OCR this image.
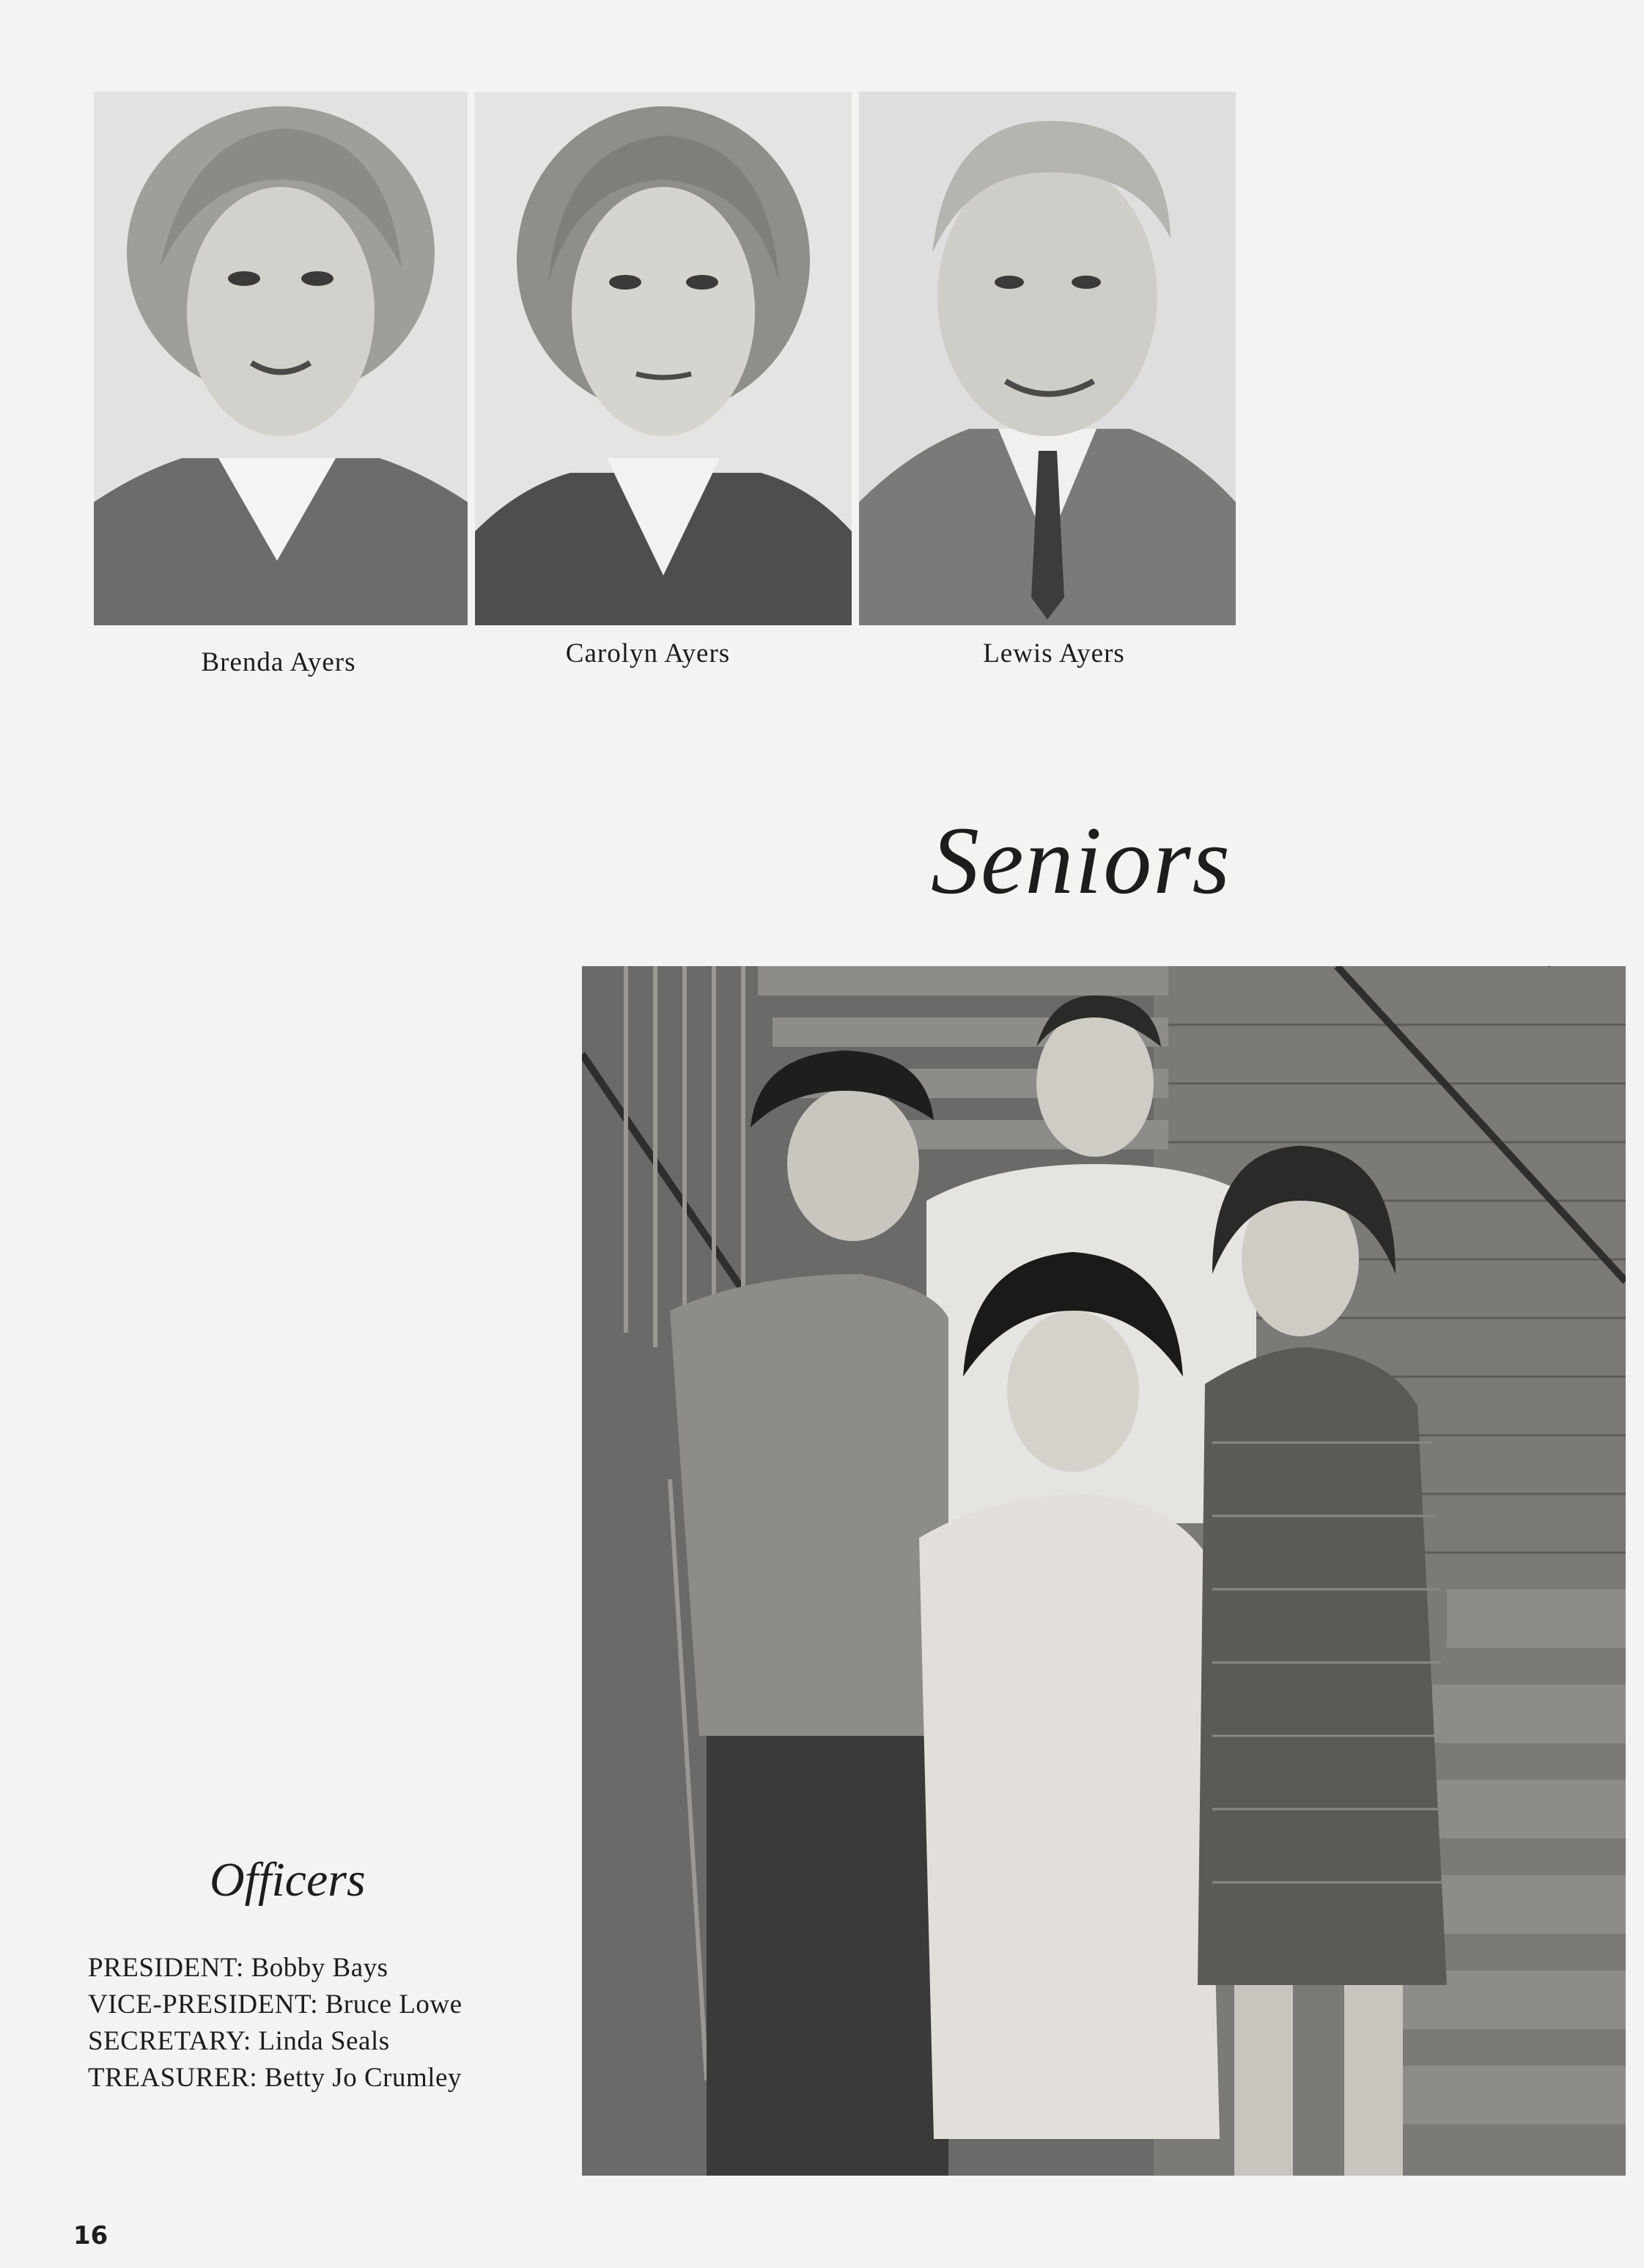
Brenda Ayers	Carolyn Ayers	Lewis Ayers
Seniors
Officers
PRESIDENT: Bobby Bays
VICE-PRESIDENT: Bruce Lowe
SECRETARY: Linda Seals
TREASURER: Betty Jo Crumley
16
